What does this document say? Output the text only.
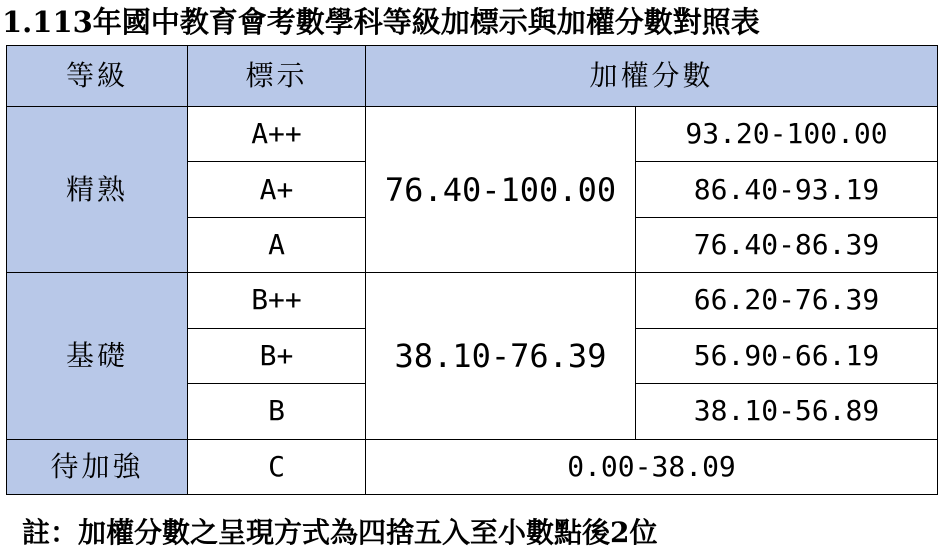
1.113年國中教育會考數學科等級加標示與加權分數對照表
等級	標示	加權分數	
精熟	A++	76.40-100.00	93.20-100.00
	A+		86.40-93.19
	A		76.40-86.39
基礎	B++	38.10-76.39	66.20-76.39
	B+		56.90-66.19
	B		38.10-56.89
待加強	C	0.00-38.09	
註：加權分數之呈現方式為四捨五入至小數點後2位
